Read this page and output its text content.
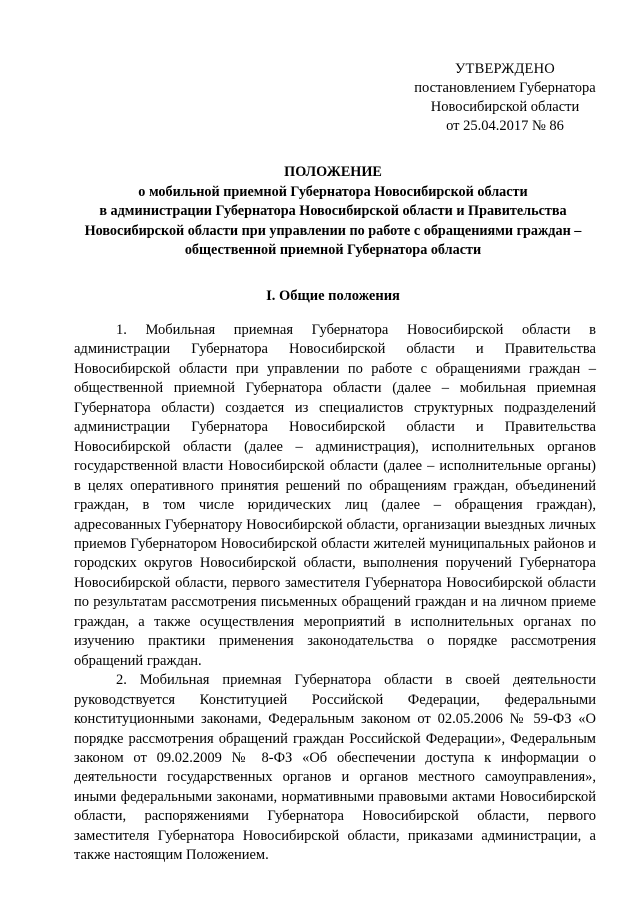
УТВЕРЖДЕНО
постановлением Губернатора
Новосибирской области
от 25.04.2017 № 86
ПОЛОЖЕНИЕ
о мобильной приемной Губернатора Новосибирской области
в администрации Губернатора Новосибирской области и Правительства
Новосибирской области при управлении по работе с обращениями граждан –
общественной приемной Губернатора области
I. Общие положения

1. Мобильная приемная Губернатора Новосибирской области в администрации Губернатора Новосибирской области и Правительства Новосибирской области при управлении по работе с обращениями граждан – общественной приемной Губернатора области (далее – мобильная приемная Губернатора области) создается из специалистов структурных подразделений администрации Губернатора Новосибирской области и Правительства Новосибирской области (далее – администрация), исполнительных органов государственной власти Новосибирской области (далее – исполнительные органы) в целях оперативного принятия решений по обращениям граждан, объединений граждан, в том числе юридических лиц (далее – обращения граждан), адресованных Губернатору Новосибирской области, организации выездных личных приемов Губернатором Новосибирской области жителей муниципальных районов и городских округов Новосибирской области, выполнения поручений Губернатора Новосибирской области, первого заместителя Губернатора Новосибирской области по результатам рассмотрения письменных обращений граждан и на личном приеме граждан, а также осуществления мероприятий в исполнительных органах по изучению практики применения законодательства о порядке рассмотрения обращений граждан.

2. Мобильная приемная Губернатора области в своей деятельности руководствуется Конституцией Российской Федерации, федеральными конституционными законами, Федеральным законом от 02.05.2006 № 59-ФЗ «О порядке рассмотрения обращений граждан Российской Федерации», Федеральным законом от 09.02.2009 № 8-ФЗ «Об обеспечении доступа к информации о деятельности государственных органов и органов местного самоуправления», иными федеральными законами, нормативными правовыми актами Новосибирской области, распоряжениями Губернатора Новосибирской области, первого заместителя Губернатора Новосибирской области, приказами администрации, а также настоящим Положением.
